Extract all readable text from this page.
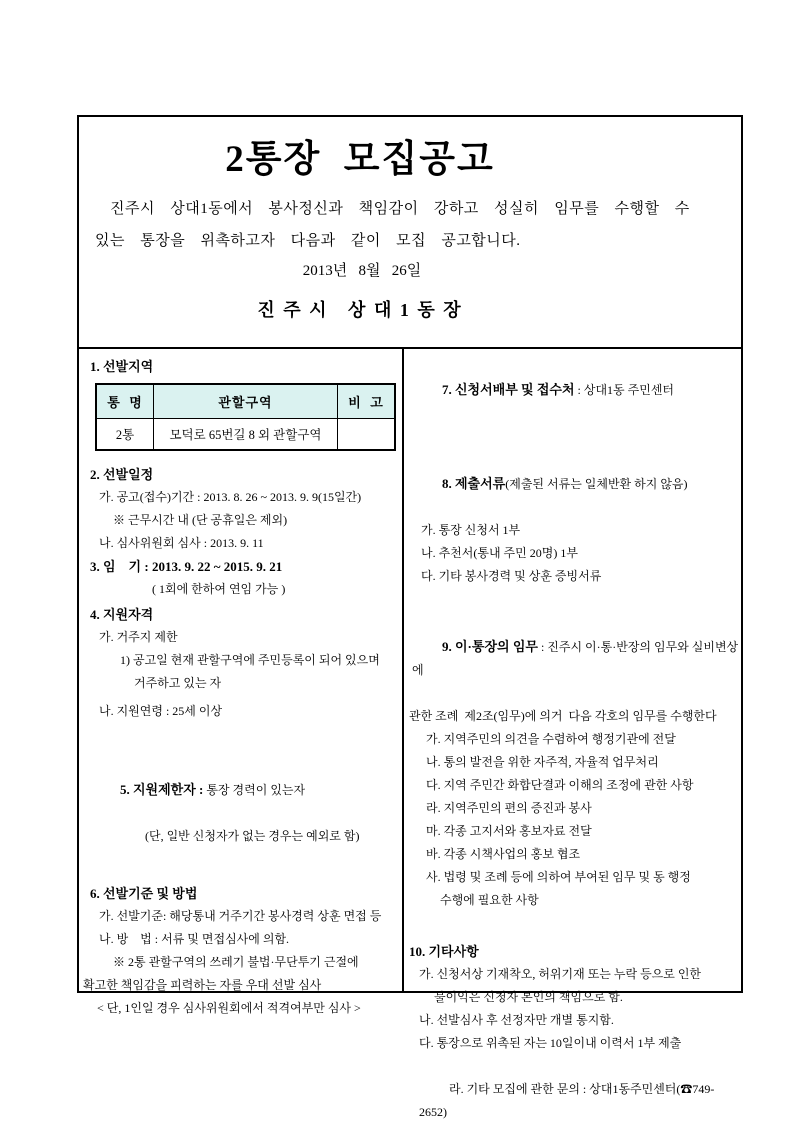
2통장  모집공고
진주시 상대1동에서 봉사정신과 책임감이 강하고 성실히 임무를 수행할 수
있는 통장을 위촉하고자 다음과 같이 모집 공고합니다.
2013년   8월   26일
진 주 시   상 대 1 동 장
1. 선발지역
통  명	관할구역	비  고
2통	모덕로 65번길 8 외 관할구역	
2. 선발일정
가. 공고(접수)기간 : 2013. 8. 26 ~ 2013. 9. 9(15일간)
※ 근무시간 내 (단 공휴일은 제외)
나. 심사위원회 심사 : 2013. 9. 11
3. 임    기 : 2013. 9. 22 ~ 2015. 9. 21
( 1회에 한하여 연임 가능 )
4. 지원자격
가. 거주지 제한
1) 공고일 현재 관할구역에 주민등록이 되어 있으며
거주하고 있는 자
나. 지원연령 : 25세 이상

5. 지원제한자 : 통장 경력이 있는자

(단, 일반 신청자가 없는 경우는 예외로 함)
6. 선발기준 및 방법
가. 선발기준: 해당통내 거주기간 봉사경력 상훈 면접 등
나. 방    법 : 서류 및 면접심사에 의함.
※ 2통 관할구역의 쓰레기 불법·무단투기 근절에
확고한 책임감을 피력하는 자를 우대 선발 심사
< 단, 1인일 경우 심사위원회에서 적격여부만 심사 >

7. 신청서배부 및 접수처 : 상대1동 주민센터

8. 제출서류(제출된 서류는 일체반환 하지 않음)

가. 통장 신청서 1부
나. 추천서(통내 주민 20명) 1부
다. 기타 봉사경력 및 상훈 증빙서류

9. 이·통장의 임무 : 진주시 이·통·반장의 임무와 실비변상에

관한 조례  제2조(임무)에 의거  다음 각호의 임무를 수행한다
가. 지역주민의 의견을 수렴하여 행정기관에 전달
나. 통의 발전을 위한 자주적, 자율적 업무처리
다. 지역 주민간 화합단결과 이해의 조정에 관한 사항
라. 지역주민의 편의 증진과 봉사
마. 각종 고지서와 홍보자료 전달
바. 각종 시책사업의 홍보 협조
사. 법령 및 조례 등에 의하여 부여된 임무 및 동 행정
수행에 필요한 사항
10. 기타사항
가. 신청서상 기재착오, 허위기재 또는 누락 등으로 인한
불이익은 신청자 본인의 책임으로 함.
나. 선발심사 후 선정자만 개별 통지함.
다. 통장으로 위촉된 자는 10일이내 이력서 1부 제출

라. 기타 모집에 관한 문의 : 상대1동주민센터(☎749-2652)
